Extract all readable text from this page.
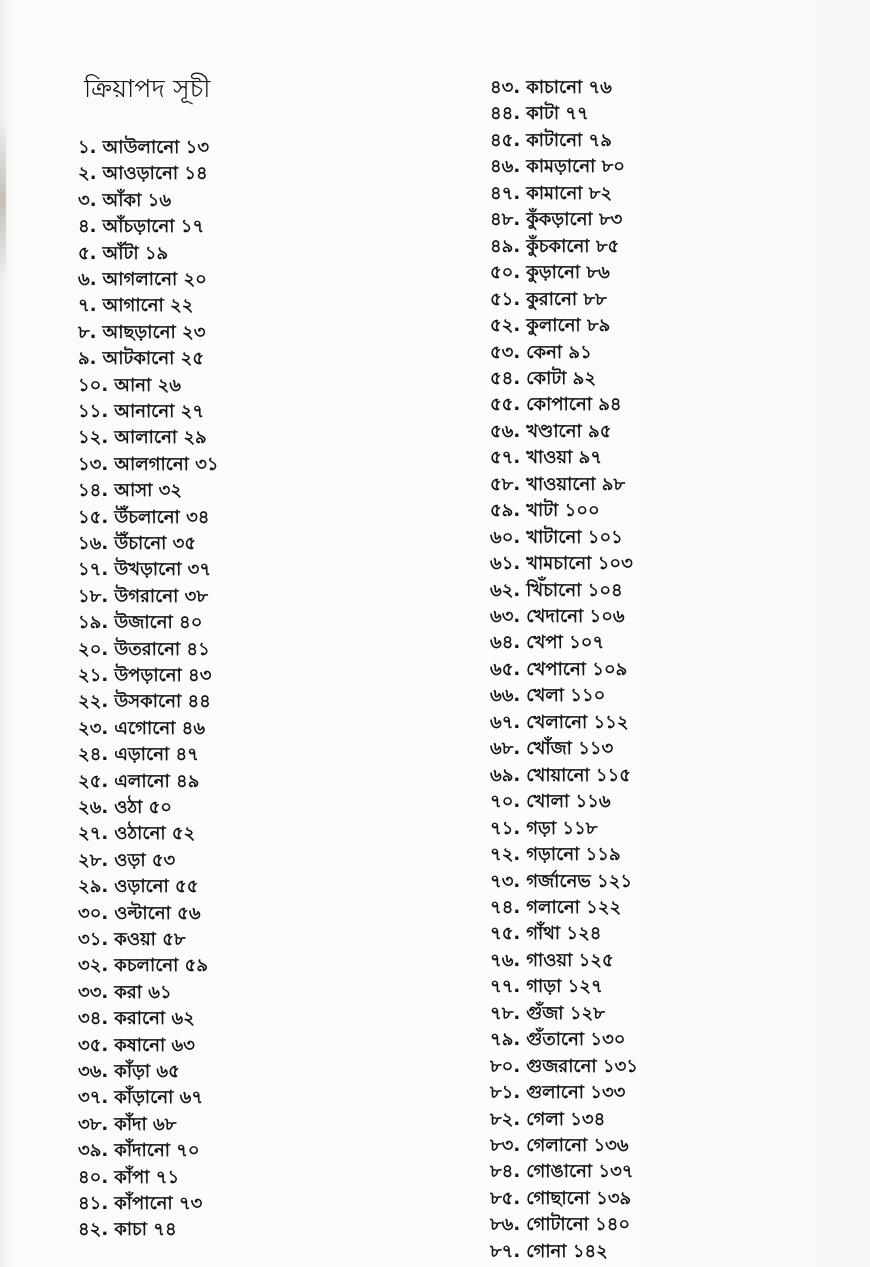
ক্রিয়াপদ সূচী
১. আউলানো ১৩
২. আওড়ানো ১৪
৩. আঁকা ১৬
৪. আঁচড়ানো ১৭
৫. আঁটা ১৯
৬. আগলানো ২০
৭. আগানো ২২
৮. আছড়ানো ২৩
৯. আটকানো ২৫
১০. আনা ২৬
১১. আনানো ২৭
১২. আলানো ২৯
১৩. আলগানো ৩১
১৪. আসা ৩২
১৫. উঁচলানো ৩৪
১৬. উঁচানো ৩৫
১৭. উখড়ানো ৩৭
১৮. উগরানো ৩৮
১৯. উজানো ৪০
২০. উতরানো ৪১
২১. উপড়ানো ৪৩
২২. উসকানো ৪৪
২৩. এগোনো ৪৬
২৪. এড়ানো ৪৭
২৫. এলানো ৪৯
২৬. ওঠা ৫০
২৭. ওঠানো ৫২
২৮. ওড়া ৫৩
২৯. ওড়ানো ৫৫
৩০. ওল্টানো ৫৬
৩১. কওয়া ৫৮
৩২. কচলানো ৫৯
৩৩. করা ৬১
৩৪. করানো ৬২
৩৫. কষানো ৬৩
৩৬. কাঁড়া ৬৫
৩৭. কাঁড়ানো ৬৭
৩৮. কাঁদা ৬৮
৩৯. কাঁদানো ৭০
৪০. কাঁপা ৭১
৪১. কাঁপানো ৭৩
৪২. কাচা ৭৪
৪৩. কাচানো ৭৬
৪৪. কাটা ৭৭
৪৫. কাটানো ৭৯
৪৬. কামড়ানো ৮০
৪৭. কামানো ৮২
৪৮. কুঁকড়ানো ৮৩
৪৯. কুঁচকানো ৮৫
৫০. কুড়ানো ৮৬
৫১. কুরানো ৮৮
৫২. কুলানো ৮৯
৫৩. কেনা ৯১
৫৪. কোটা ৯২
৫৫. কোপানো ৯৪
৫৬. খণ্ডানো ৯৫
৫৭. খাওয়া ৯৭
৫৮. খাওয়ানো ৯৮
৫৯. খাটা ১০০
৬০. খাটানো ১০১
৬১. খামচানো ১০৩
৬২. খিঁচানো ১০৪
৬৩. খেদানো ১০৬
৬৪. খেপা ১০৭
৬৫. খেপানো ১০৯
৬৬. খেলা ১১০
৬৭. খেলানো ১১২
৬৮. খোঁজা ১১৩
৬৯. খোয়ানো ১১৫
৭০. খোলা ১১৬
৭১. গড়া ১১৮
৭২. গড়ানো ১১৯
৭৩. গর্জানেভ ১২১
৭৪. গলানো ১২২
৭৫. গাঁথা ১২৪
৭৬. গাওয়া ১২৫
৭৭. গাড়া ১২৭
৭৮. গুঁজা ১২৮
৭৯. গুঁতানো ১৩০
৮০. গুজরানো ১৩১
৮১. গুলানো ১৩৩
৮২. গেলা ১৩৪
৮৩. গেলানো ১৩৬
৮৪. গোঙানো ১৩৭
৮৫. গোছানো ১৩৯
৮৬. গোটানো ১৪০
৮৭. গোনা ১৪২
